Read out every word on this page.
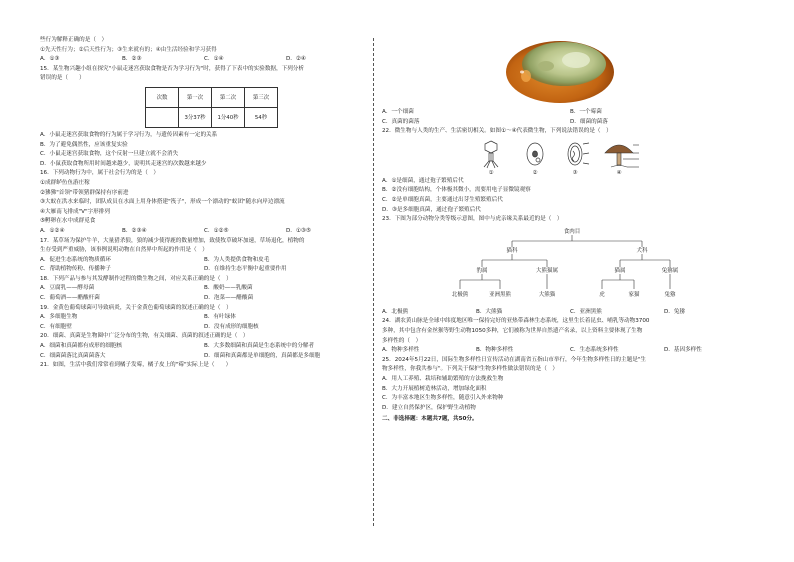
些行为解释正确的是（　）
①先天性行为；②后天性行为；③生来就有的；④由生活经验和学习获得
A．①③	B．②③	C．①④	D．②④
15．某生物兴趣小组在探究"小鼠走迷宫获取食物是否为学习行为"时，获得了下表中的实验数据，下列分析
错误的是（　　）
次数	第一次	第二次	第三次
	3分37秒	1分40秒	54秒
A．小鼠走迷宫获取食物的行为属于学习行为，与遗传因素有一定的关系
B．为了避免偶然性，应该重复实验
C．小鼠走迷宫获取食物，这个反射一旦建立就不会消失
D．小鼠获取食物所用时间越来越少，说明其走迷宫的次数越来越少
16．下列动物行为中，属于社会行为的是（　）
①成群鲈鱼鱼游庄稼
②狒狒"首领"带领猪群保持有序前进
③大蚁在洪水来临时，团队成员在水面上用身体搭建"筏子"，形成一个漂动的"蚁团"随水向岸边漂流
④大雁南飞排成"V"字形排列
⑤孵卵在水中成群觅食
A．①②④	B．②③④	C．①②⑤	D．①③⑤
17．某草场为保护牛羊，大量猎杀狼，狼的减少使得鹿的数量增加，致使牧草破坏加速，草场退化，植物的
生存受到严重威胁，该事例说明动物在自然界中所起的作用是（　）
A．促进生态系统的物质循环	B．为人类提供食物和皮毛
C．帮助植物传粉、传播种子	D．在维持生态平衡中起重要作用
18．下列产品与参与其发酵制作过程的微生物之间，对应关系正确的是（　）
A．豆腐乳——酵母菌	B．酸奶——乳酸菌
C．葡萄酒——醋酸杆菌	D．泡菜——醋酸菌
19．金黄色葡萄球菌可导致病炎，关于金黄色葡萄球菌的叙述正确的是（　）
A．多细胞生物	B．有叶绿体
C．有细胞壁	D．没有成形的细胞核
20．细菌、真菌是生物圈中广泛分布的生物，有关细菌、真菌的叙述正确的是（　）
A．细菌和真菌都有成形的细胞核	B．大多数细菌和真菌是生态系统中的分解者
C．细菌菌落比真菌菌落大	D．细菌和真菌都是单细胞的，真菌都是多细胞
21．如图，生活中我们常常看到橘子发霉，橘子皮上的"霉"实际上是（　　）
A．一个细菌	B．一个霉菌
C．真菌的菌落	D．细菌的菌落
22．微生物与人类的生产、生活密切相关。如图①～④代表微生物，下列说法错误的是（　）
①	②	③	④
A．①是细菌，通过孢子繁殖后代
B．②没有细胞结构，个体极其微小，需要用电子显微镜观察
C．②是单细胞真菌，主要通过出芽生殖繁殖后代
D．③是多细胞真菌，通过孢子繁殖后代
23．下图为部分动物分类等级示意图，图中与虎亲缘关系最近的是（　）
食肉目
猫科	犬科
豹属	大熊猫属	猫属	兔猕属
北极熊	亚洲黑熊	大熊猫	虎	家猫	兔猕
A．北极熊	B．大熊猫	C．亚洲黑熊	D．兔猕
24．湖农黄山脉是全球中纬度地区唯一保持完好的亚热带森林生态系统，这里生长着昆虫、哺乳等动物3700
多种，其中包含有金丝猴等野生动物1050多种，它们被称为世界自然遗产名录，以上资料主要体现了生物
多样性的（　）
A．物种多样性	B．物种多样性	C．生态系统多样性	D．基因多样性
25．2024年5月22日，国际生物多样性日宣传活动在湖南省五指山市举行，今年生物多样性日的主题是"生
物多样性，你我共参与"。下列关于保护生物多样性做法错误的是（　）
A．用人工养殖、栽培和辅助繁殖的方法挽救生物
B．大力开展植树造林活动，增加绿化面积
C．为丰富本地区生物多样性，随意引入外来物种
D．建立自然保护区，保护野生动植物
二、非选择题：本题共7题，共50分。
